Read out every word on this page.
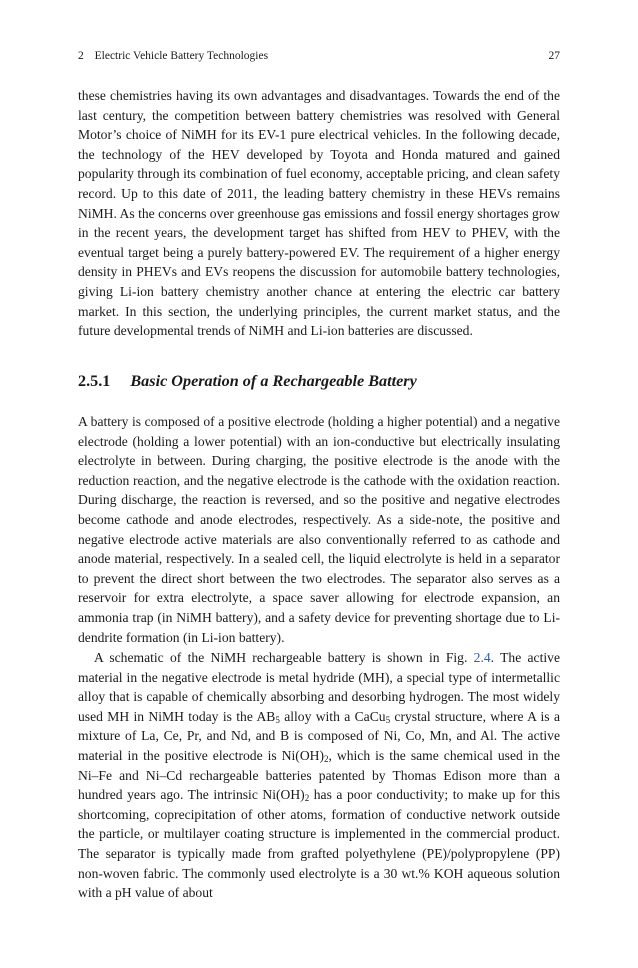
2 Electric Vehicle Battery Technologies	27

these chemistries having its own advantages and disadvantages. Towards the end of the last century, the competition between battery chemistries was resolved with General Motor’s choice of NiMH for its EV-1 pure electrical vehicles. In the following decade, the technology of the HEV developed by Toyota and Honda matured and gained popularity through its combination of fuel economy, acceptable pricing, and clean safety record. Up to this date of 2011, the leading battery chemistry in these HEVs remains NiMH. As the concerns over greenhouse gas emissions and fossil energy shortages grow in the recent years, the development target has shifted from HEV to PHEV, with the eventual target being a purely battery-powered EV. The requirement of a higher energy density in PHEVs and EVs reopens the discussion for automobile battery technologies, giving Li-ion battery chemistry another chance at entering the electric car battery market. In this section, the underlying principles, the current market status, and the future developmental trends of NiMH and Li-ion batteries are discussed.

2.5.1 Basic Operation of a Rechargeable Battery

A battery is composed of a positive electrode (holding a higher potential) and a negative electrode (holding a lower potential) with an ion-conductive but electrically insulating electrolyte in between. During charging, the positive electrode is the anode with the reduction reaction, and the negative electrode is the cathode with the oxidation reaction. During discharge, the reaction is reversed, and so the positive and negative electrodes become cathode and anode electrodes, respectively. As a side-note, the positive and negative electrode active materials are also conventionally referred to as cathode and anode material, respectively. In a sealed cell, the liquid electrolyte is held in a separator to prevent the direct short between the two electrodes. The separator also serves as a reservoir for extra electrolyte, a space saver allowing for electrode expansion, an ammonia trap (in NiMH battery), and a safety device for preventing shortage due to Li-dendrite formation (in Li-ion battery).

A schematic of the NiMH rechargeable battery is shown in Fig. 2.4. The active material in the negative electrode is metal hydride (MH), a special type of intermetallic alloy that is capable of chemically absorbing and desorbing hydrogen. The most widely used MH in NiMH today is the $AB_5$ alloy with a CaCu$_5$ crystal structure, where A is a mixture of La, Ce, Pr, and Nd, and B is composed of Ni, Co, Mn, and Al. The active material in the positive electrode is $Ni(OH)_2$, which is the same chemical used in the Ni–Fe and Ni–Cd rechargeable batteries patented by Thomas Edison more than a hundred years ago. The intrinsic $Ni(OH)_2$ has a poor conductivity; to make up for this shortcoming, coprecipitation of other atoms, formation of conductive network outside the particle, or multilayer coating structure is implemented in the commercial product. The separator is typically made from grafted polyethylene (PE)/polypropylene (PP) non-woven fabric. The commonly used electrolyte is a 30 wt.% KOH aqueous solution with a pH value of about
